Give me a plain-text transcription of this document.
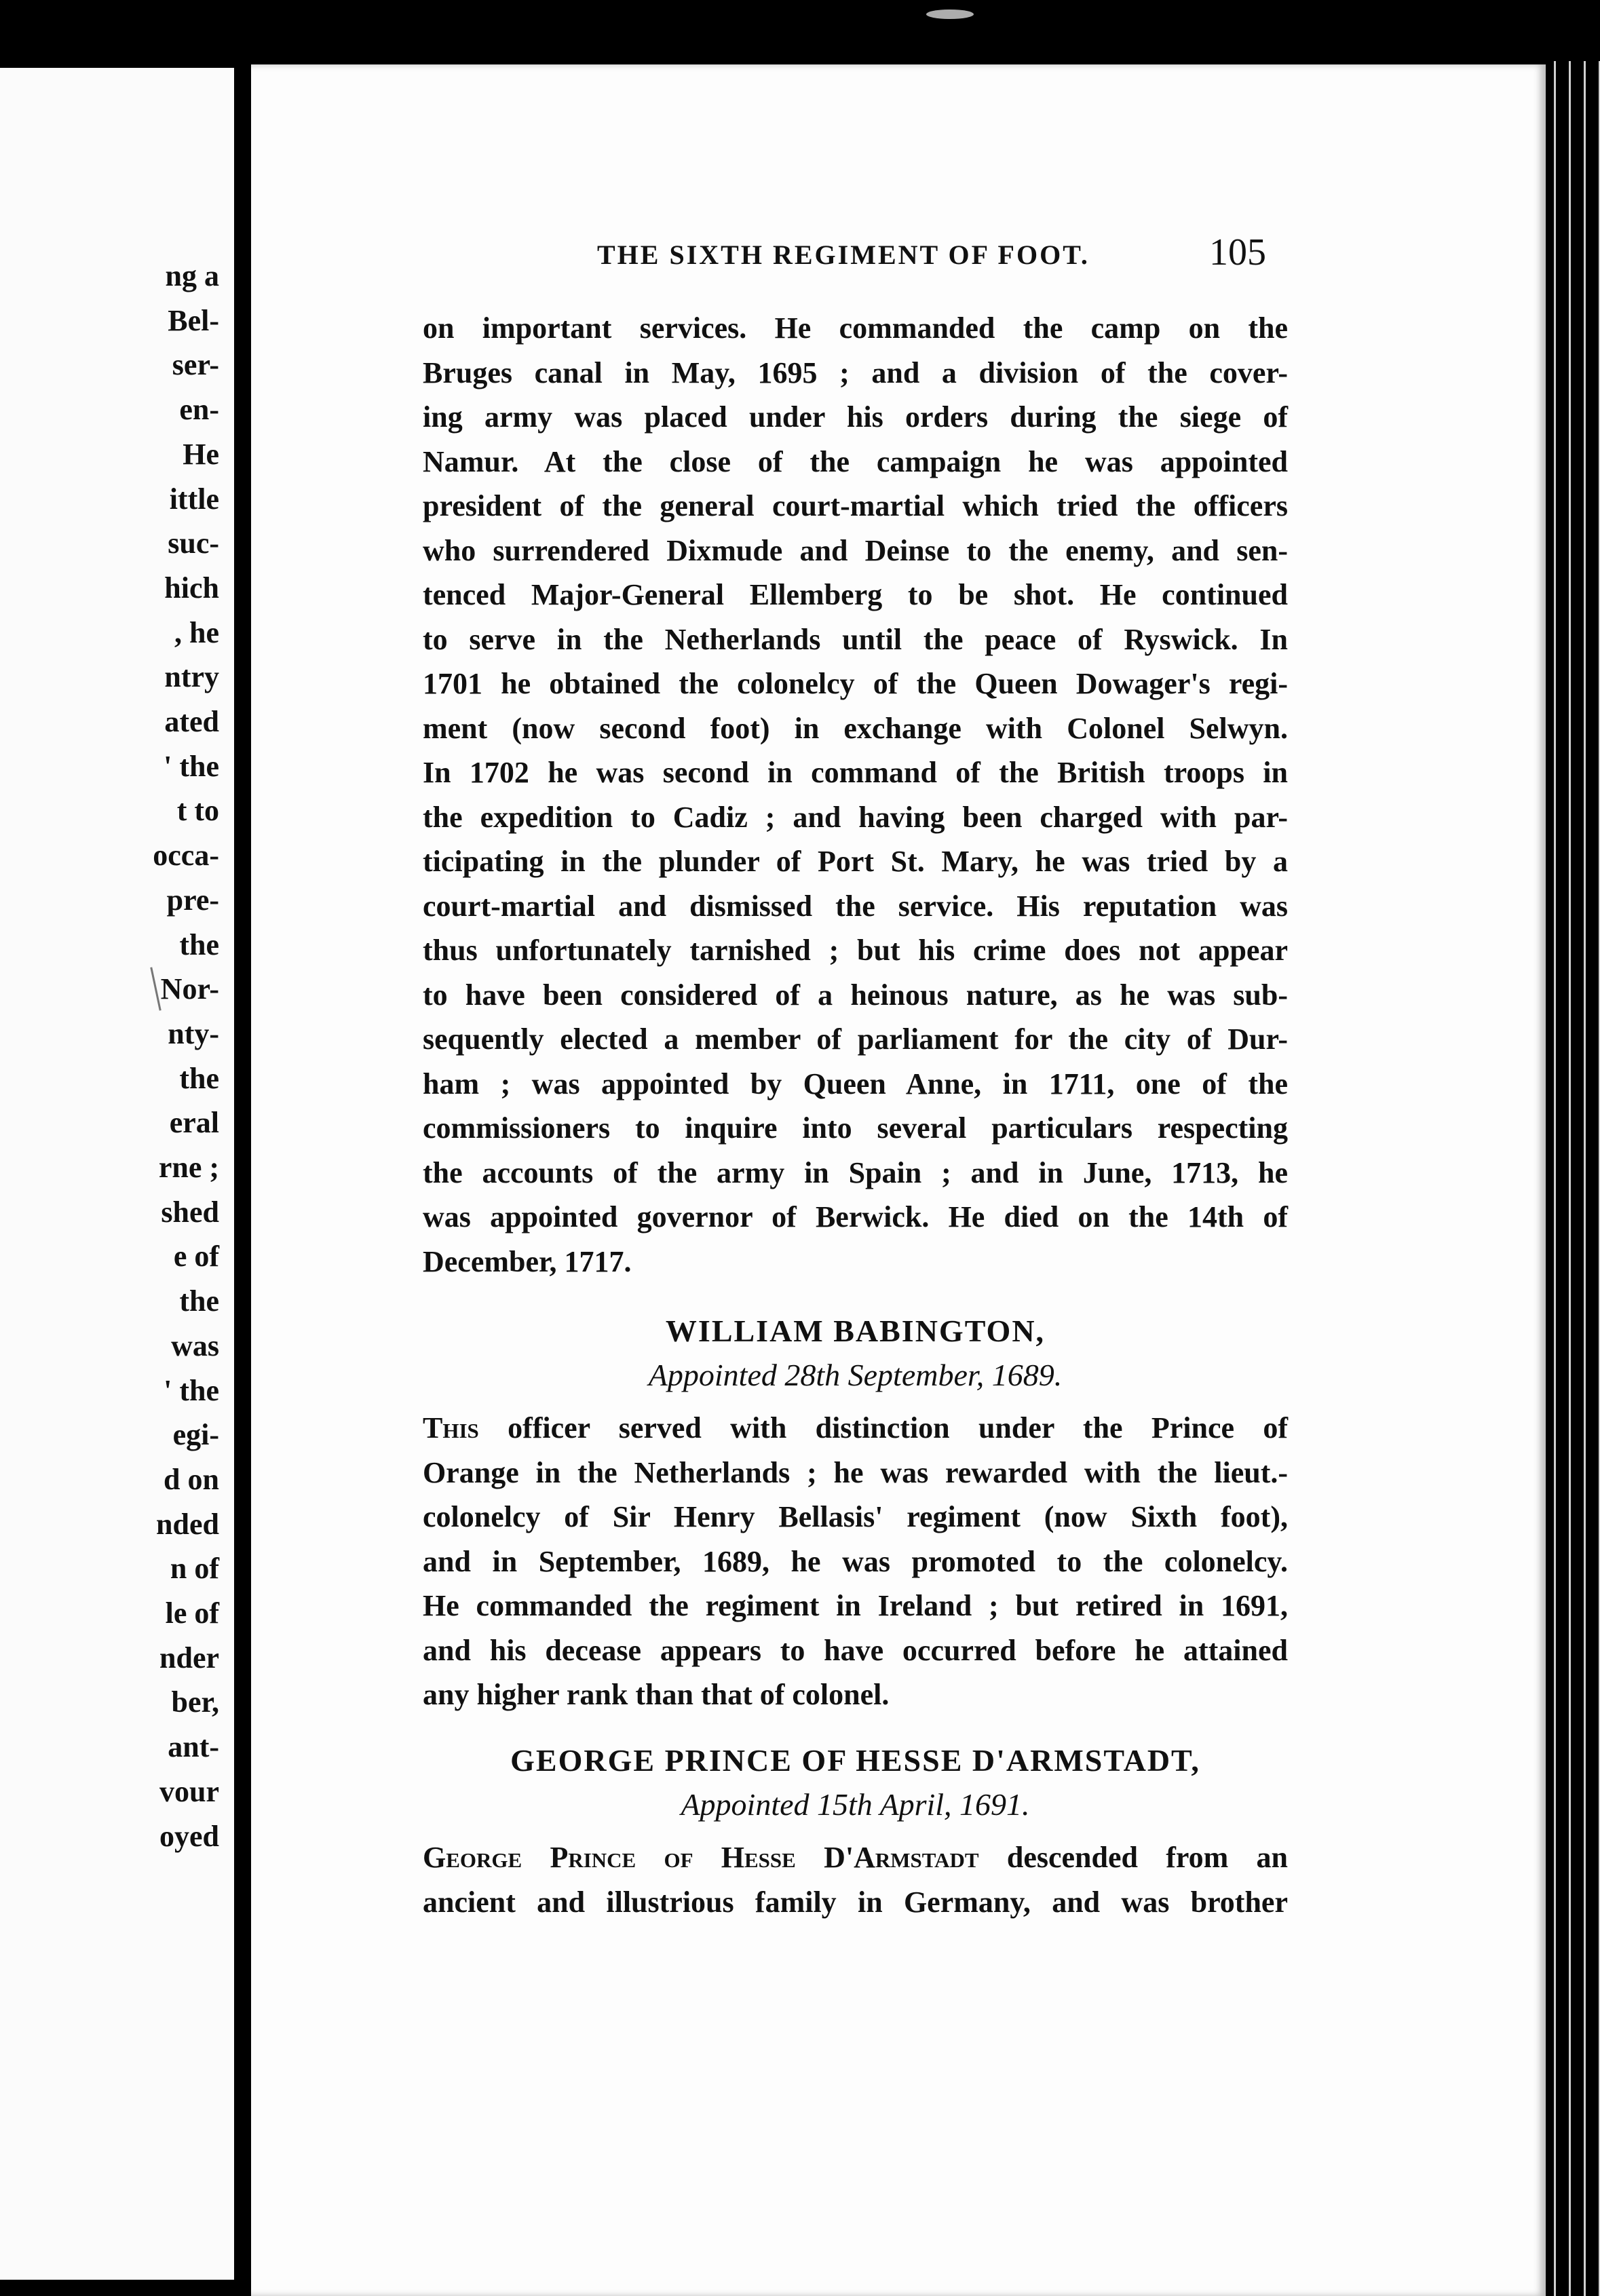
ng a
Bel-
ser-
en-
He
ittle
suc-
hich
, he
ntry
ated
' the
t to
occa-
pre-
the
Nor-
nty-
the
eral
rne ;
shed
e of
the
was
' the
egi-
d on
nded
n of
le of
nder
ber,
ant-
vour
oyed
THE SIXTH REGIMENT OF FOOT.	105
on important services. He commanded the camp on the
Bruges canal in May, 1695 ; and a division of the cover-
ing army was placed under his orders during the siege of
Namur. At the close of the campaign he was appointed
president of the general court-martial which tried the officers
who surrendered Dixmude and Deinse to the enemy, and sen-
tenced Major-General Ellemberg to be shot. He continued
to serve in the Netherlands until the peace of Ryswick. In
1701 he obtained the colonelcy of the Queen Dowager's regi-
ment (now second foot) in exchange with Colonel Selwyn.
In 1702 he was second in command of the British troops in
the expedition to Cadiz ; and having been charged with par-
ticipating in the plunder of Port St. Mary, he was tried by a
court-martial and dismissed the service. His reputation was
thus unfortunately tarnished ; but his crime does not appear
to have been considered of a heinous nature, as he was sub-
sequently elected a member of parliament for the city of Dur-
ham ; was appointed by Queen Anne, in 1711, one of the
commissioners to inquire into several particulars respecting
the accounts of the army in Spain ; and in June, 1713, he
was appointed governor of Berwick. He died on the 14th of
December, 1717.
WILLIAM BABINGTON,
Appointed 28th September, 1689.
This officer served with distinction under the Prince of
Orange in the Netherlands ; he was rewarded with the lieut.-
colonelcy of Sir Henry Bellasis' regiment (now Sixth foot),
and in September, 1689, he was promoted to the colonelcy.
He commanded the regiment in Ireland ; but retired in 1691,
and his decease appears to have occurred before he attained
any higher rank than that of colonel.
GEORGE PRINCE OF HESSE D'ARMSTADT,
Appointed 15th April, 1691.
George Prince of Hesse D'Armstadt descended from an
ancient and illustrious family in Germany, and was brother
